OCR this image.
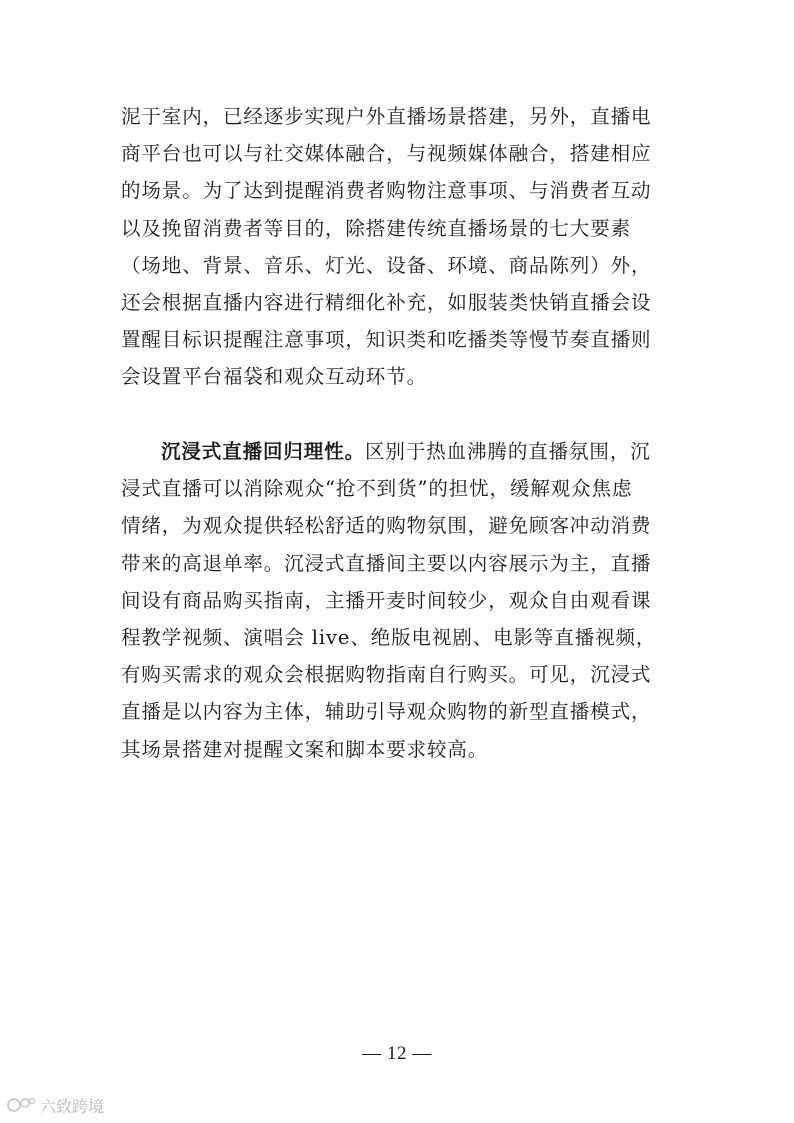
泥于室内，已经逐步实现户外直播场景搭建，另外，直播电
商平台也可以与社交媒体融合，与视频媒体融合，搭建相应
的场景。为了达到提醒消费者购物注意事项、与消费者互动
以及挽留消费者等目的，除搭建传统直播场景的七大要素
（场地、背景、音乐、灯光、设备、环境、商品陈列）外，
还会根据直播内容进行精细化补充，如服装类快销直播会设
置醒目标识提醒注意事项，知识类和吃播类等慢节奏直播则
会设置平台福袋和观众互动环节。
沉浸式直播回归理性。区别于热血沸腾的直播氛围，沉
浸式直播可以消除观众“抢不到货”的担忧，缓解观众焦虑
情绪，为观众提供轻松舒适的购物氛围，避免顾客冲动消费
带来的高退单率。沉浸式直播间主要以内容展示为主，直播
间设有商品购买指南，主播开麦时间较少，观众自由观看课
程教学视频、演唱会 live、绝版电视剧、电影等直播视频，
有购买需求的观众会根据购物指南自行购买。可见，沉浸式
直播是以内容为主体，辅助引导观众购物的新型直播模式，
其场景搭建对提醒文案和脚本要求较高。
— 12 —
六致跨境
